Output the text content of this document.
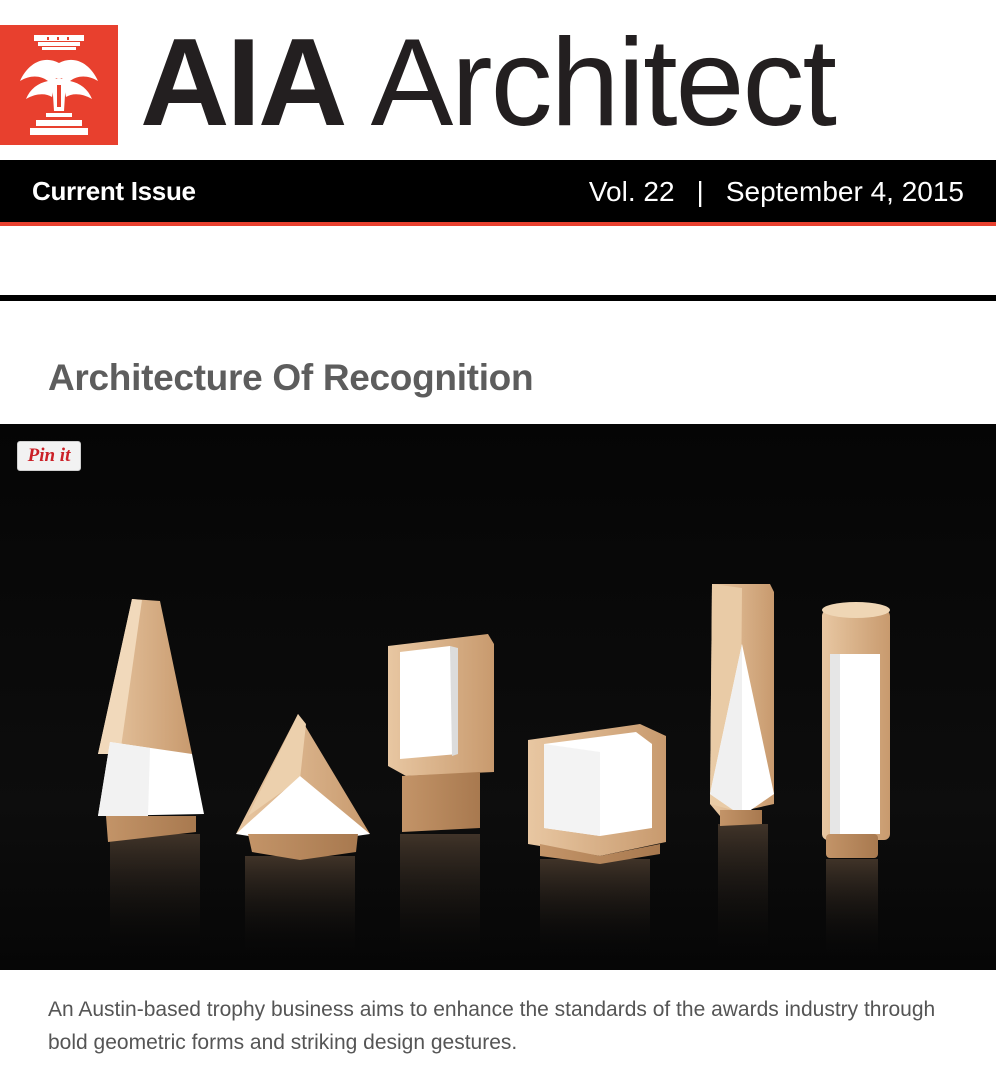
AIA Architect
Current Issue	Vol. 22 | September 4, 2015
Architecture Of Recognition
Pin it

An Austin-based trophy business aims to enhance the standards of the awards industry through bold geometric forms and striking design gestures.
